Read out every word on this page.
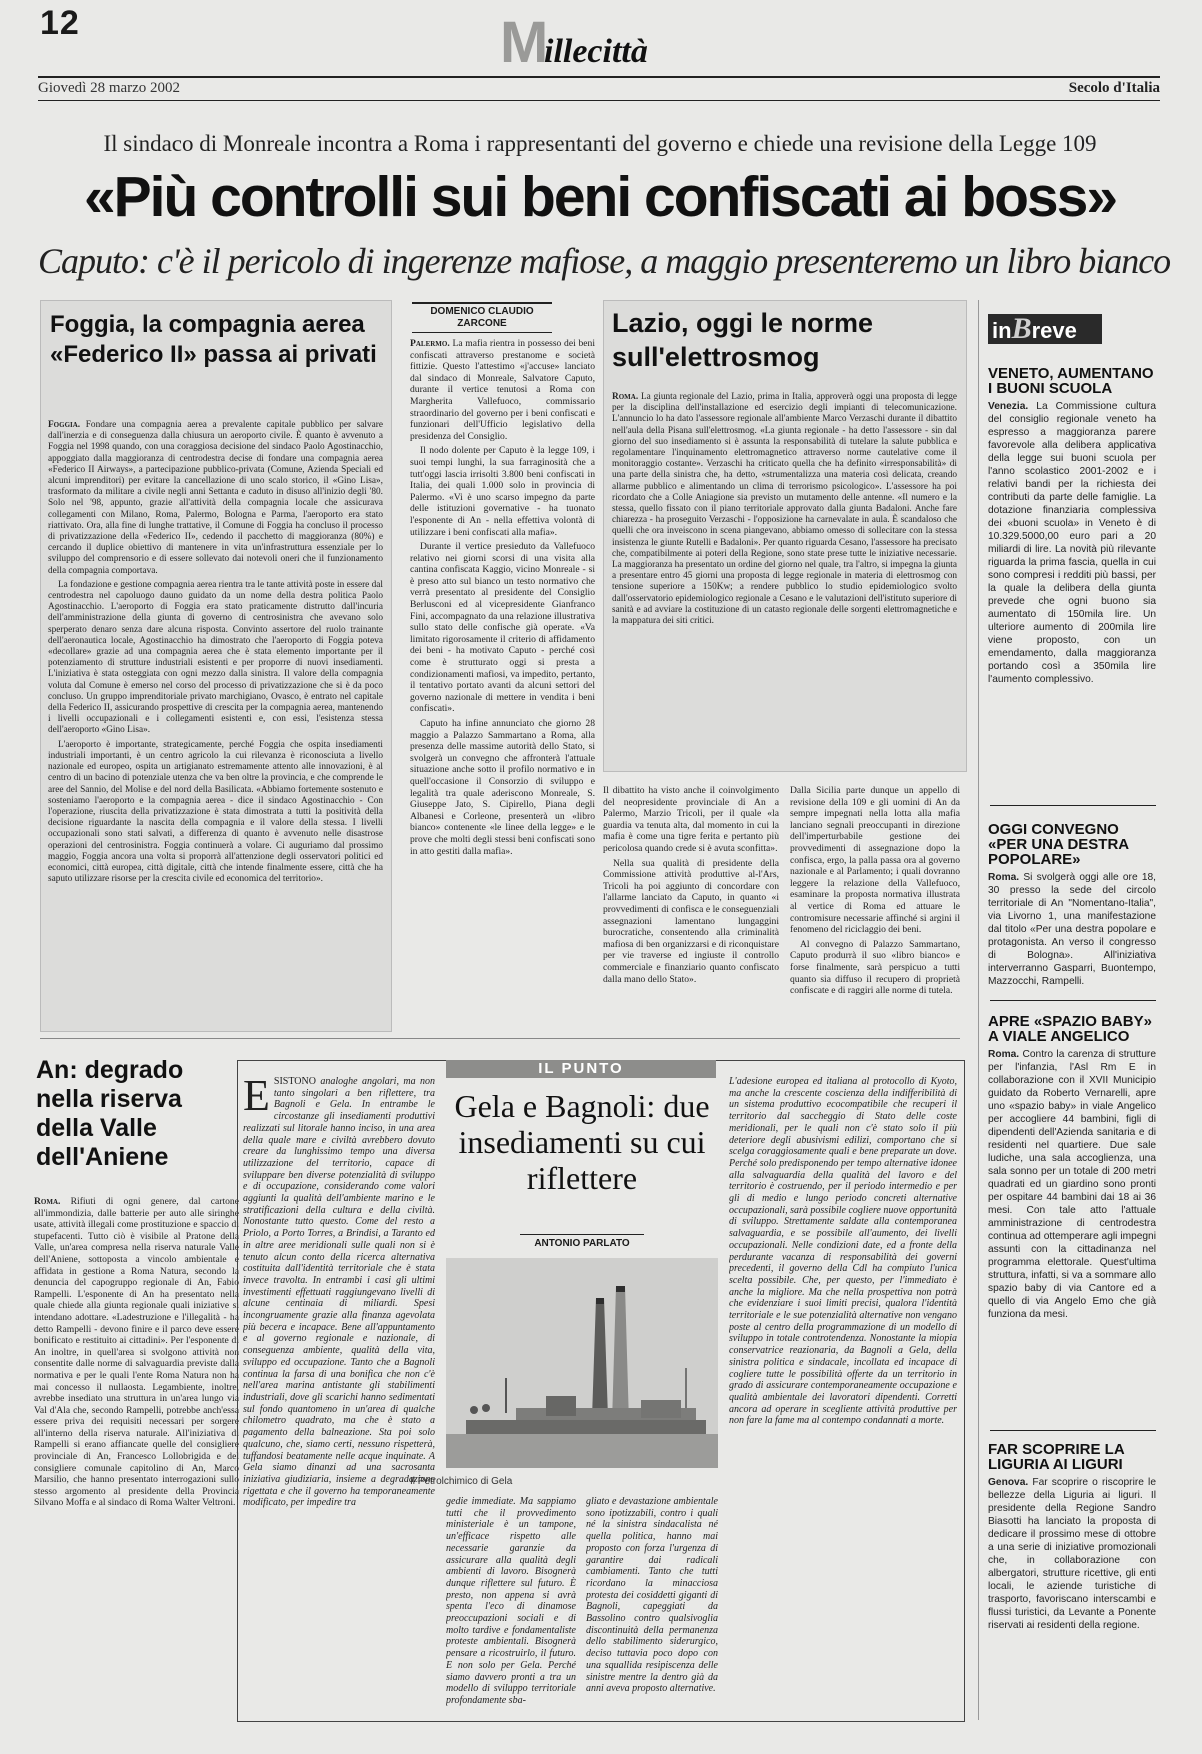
12	M
illecittà
Giovedì 28 marzo 2002	Secolo d'Italia
Il sindaco di Monreale incontra a Roma i rappresentanti del governo e chiede una revisione della Legge 109
«Più controlli sui beni confiscati ai boss»
Caputo: c'è il pericolo di ingerenze mafiose, a maggio presenteremo un libro bianco
Foggia, la compagnia aerea «Federico II» passa ai privati

Foggia. Fondare una compagnia aerea a prevalente capitale pubblico per salvare dall'inerzia e di conseguenza dalla chiusura un aeroporto civile. È quanto è avvenuto a Foggia nel 1998 quando, con una coraggiosa decisione del sindaco Paolo Agostinacchio, appoggiato dalla maggioranza di centrodestra decise di fondare una compagnia aerea «Federico II Airways», a partecipazione pubblico-privata (Comune, Azienda Speciali ed alcuni imprenditori) per evitare la cancellazione di uno scalo storico, il «Gino Lisa», trasformato da militare a civile negli anni Settanta e caduto in disuso all'inizio degli '80. Solo nel '98, appunto, grazie all'attività della compagnia locale che assicurava collegamenti con Milano, Roma, Palermo, Bologna e Parma, l'aeroporto era stato riattivato. Ora, alla fine di lunghe trattative, il Comune di Foggia ha concluso il processo di privatizzazione della «Federico II», cedendo il pacchetto di maggioranza (80%) e cercando il duplice obiettivo di mantenere in vita un'infrastruttura essenziale per lo sviluppo del comprensorio e di essere sollevato dai notevoli oneri che il funzionamento della compagnia comportava.

La fondazione e gestione compagnia aerea rientra tra le tante attività poste in essere dal centrodestra nel capoluogo dauno guidato da un nome della destra politica Paolo Agostinacchio. L'aeroporto di Foggia era stato praticamente distrutto dall'incuria dell'amministrazione della giunta di governo di centrosinistra che avevano solo sperperato denaro senza dare alcuna risposta. Convinto assertore del ruolo trainante dell'aeronautica locale, Agostinacchio ha dimostrato che l'aeroporto di Foggia poteva «decollare» grazie ad una compagnia aerea che è stata elemento importante per il potenziamento di strutture industriali esistenti e per proporre di nuovi insediamenti. L'iniziativa è stata osteggiata con ogni mezzo dalla sinistra. Il valore della compagnia voluta dal Comune è emerso nel corso del processo di privatizzazione che si è da poco concluso. Un gruppo imprenditoriale privato marchigiano, Ovasco, è entrato nel capitale della Federico II, assicurando prospettive di crescita per la compagnia aerea, mantenendo i livelli occupazionali e i collegamenti esistenti e, con essi, l'esistenza stessa dell'aeroporto «Gino Lisa».

L'aeroporto è importante, strategicamente, perché Foggia che ospita insediamenti industriali importanti, è un centro agricolo la cui rilevanza è riconosciuta a livello nazionale ed europeo, ospita un artigianato estremamente attento alle innovazioni, è al centro di un bacino di potenziale utenza che va ben oltre la provincia, e che comprende le aree del Sannio, del Molise e del nord della Basilicata. «Abbiamo fortemente sostenuto e sosteniamo l'aeroporto e la compagnia aerea - dice il sindaco Agostinacchio - Con l'operazione, riuscita della privatizzazione è stata dimostrata a tutti la positività della decisione riguardante la nascita della compagnia e il valore della stessa. I livelli occupazionali sono stati salvati, a differenza di quanto è avvenuto nelle disastrose operazioni del centrosinistra. Foggia continuerà a volare. Ci auguriamo dal prossimo maggio, Foggia ancora una volta si proporrà all'attenzione degli osservatori politici ed economici, città europea, città digitale, città che intende finalmente essere, città che ha saputo utilizzare risorse per la crescita civile ed economica del territorio».

DOMENICO CLAUDIO ZARCONE

Palermo. La mafia rientra in possesso dei beni confiscati attraverso prestanome e società fittizie. Questo l'attestimo «j'accuse» lanciato dal sindaco di Monreale, Salvatore Caputo, durante il vertice tenutosi a Roma con Margherita Vallefuoco, commissario straordinario del governo per i beni confiscati e funzionari dell'Ufficio legislativo della presidenza del Consiglio.

Il nodo dolente per Caputo è la legge 109, i suoi tempi lunghi, la sua farraginosità che a tutt'oggi lascia irrisolti 3.800 beni confiscati in Italia, dei quali 1.000 solo in provincia di Palermo. «Vi è uno scarso impegno da parte delle istituzioni governative - ha tuonato l'esponente di An - nella effettiva volontà di utilizzare i beni confiscati alla mafia».

Durante il vertice presieduto da Vallefuoco relativo nei giorni scorsi di una visita alla cantina confiscata Kaggio, vicino Monreale - si è preso atto sul bianco un testo normativo che verrà presentato al presidente del Consiglio Berlusconi ed al vicepresidente Gianfranco Fini, accompagnato da una relazione illustrativa sullo stato delle confische già operate. «Va limitato rigorosamente il criterio di affidamento dei beni - ha motivato Caputo - perché così come è strutturato oggi si presta a condizionamenti mafiosi, va impedito, pertanto, il tentativo portato avanti da alcuni settori del governo nazionale di mettere in vendita i beni confiscati».

Caputo ha infine annunciato che giorno 28 maggio a Palazzo Sammartano a Roma, alla presenza delle massime autorità dello Stato, si svolgerà un convegno che affronterà l'attuale situazione anche sotto il profilo normativo e in quell'occasione il Consorzio di sviluppo e legalità tra quale aderiscono Monreale, S. Giuseppe Jato, S. Cipirello, Piana degli Albanesi e Corleone, presenterà un «libro bianco» contenente «le linee della legge» e le prove che molti degli stessi beni confiscati sono in atto gestiti dalla mafia».

Il dibattito ha visto anche il coinvolgimento del neopresidente provinciale di An a Palermo, Marzio Tricoli, per il quale «la guardia va tenuta alta, dal momento in cui la mafia è come una tigre ferita e pertanto più pericolosa quando crede si è avuta sconfitta».

Nella sua qualità di presidente della Commissione attività produttive al-l'Ars, Tricoli ha poi aggiunto di concordare con l'allarme lanciato da Caputo, in quanto «i provvedimenti di confisca e le conseguenziali assegnazioni lamentano lungaggini burocratiche, consentendo alla criminalità mafiosa di ben organizzarsi e di riconquistare per vie traverse ed ingiuste il controllo commerciale e finanziario quanto confiscato dalla mano dello Stato».

Dalla Sicilia parte dunque un appello di revisione della 109 e gli uomini di An da sempre impegnati nella lotta alla mafia lanciano segnali preoccupanti in direzione dell'imperturbabile gestione dei provvedimenti di assegnazione dopo la confisca, ergo, la palla passa ora al governo nazionale e al Parlamento; i quali dovranno leggere la relazione della Vallefuoco, esaminare la proposta normativa illustrata al vertice di Roma ed attuare le contromisure necessarie affinché si argini il fenomeno del riciclaggio dei beni.

Al convegno di Palazzo Sammartano, Caputo produrrà il suo «libro bianco» e forse finalmente, sarà perspicuo a tutti quanto sia diffuso il recupero di proprietà confiscate e di raggiri alle norme di tutela.

Lazio, oggi le norme sull'elettrosmog

Roma. La giunta regionale del Lazio, prima in Italia, approverà oggi una proposta di legge per la disciplina dell'installazione ed esercizio degli impianti di telecomunicazione. L'annuncio lo ha dato l'assessore regionale all'ambiente Marco Verzaschi durante il dibattito nell'aula della Pisana sull'elettrosmog. «La giunta regionale - ha detto l'assessore - sin dal giorno del suo insediamento si è assunta la responsabilità di tutelare la salute pubblica e regolamentare l'inquinamento elettromagnetico attraverso norme cautelative come il monitoraggio costante». Verzaschi ha criticato quella che ha definito «irresponsabilità» di una parte della sinistra che, ha detto, «strumentalizza una materia così delicata, creando allarme pubblico e alimentando un clima di terrorismo psicologico». L'assessore ha poi ricordato che a Colle Aniagione sia previsto un mutamento delle antenne. «Il numero e la stessa, quello fissato con il piano territoriale approvato dalla giunta Badaloni. Anche fare chiarezza - ha proseguito Verzaschi - l'opposizione ha carnevalate in aula. È scandaloso che quelli che ora inveiscono in scena piangevano, abbiamo omesso di sollecitare con la stessa insistenza le giunte Rutelli e Badaloni». Per quanto riguarda Cesano, l'assessore ha precisato che, compatibilmente ai poteri della Regione, sono state prese tutte le iniziative necessarie. La maggioranza ha presentato un ordine del giorno nel quale, tra l'altro, si impegna la giunta a presentare entro 45 giorni una proposta di legge regionale in materia di elettrosmog con tensione superiore a 150Kw; a rendere pubblico lo studio epidemiologico svolto dall'osservatorio epidemiologico regionale a Cesano e le valutazioni dell'istituto superiore di sanità e ad avviare la costituzione di un catasto regionale delle sorgenti elettromagnetiche e la mappatura dei siti critici.

An: degrado nella riserva della Valle dell'Aniene

Roma. Rifiuti di ogni genere, dal cartone all'immondizia, dalle batterie per auto alle siringhe usate, attività illegali come prostituzione e spaccio di stupefacenti. Tutto ciò è visibile al Pratone della Valle, un'area compresa nella riserva naturale Valle dell'Aniene, sottoposta a vincolo ambientale e affidata in gestione a Roma Natura, secondo la denuncia del capogruppo regionale di An, Fabio Rampelli. L'esponente di An ha presentato nella quale chiede alla giunta regionale quali iniziative si intendano adottare. «Ladestruzione e l'illegalità - ha detto Rampelli - devono finire e il parco deve essere bonificato e restituito ai cittadini». Per l'esponente di An inoltre, in quell'area si svolgono attività non consentite dalle norme di salvaguardia previste dalla normativa e per le quali l'ente Roma Natura non ha mai concesso il nullaosta. Legambiente, inoltre, avrebbe insediato una struttura in un'area lungo via Val d'Ala che, secondo Rampelli, potrebbe anch'essa essere priva dei requisiti necessari per sorgere all'interno della riserva naturale. All'iniziativa di Rampelli si erano affiancate quelle del consigliere provinciale di An, Francesco Lollobrigida e del consigliere comunale capitolino di An, Marco Marsilio, che hanno presentato interrogazioni sullo stesso argomento al presidente della Provincia Silvano Moffa e al sindaco di Roma Walter Veltroni.

IL PUNTO
Gela e Bagnoli: due insediamenti su cui riflettere
ANTONIO PARLATO
Il Petrolchimico di Gela
E SISTONO analoghe angolari, ma non tanto singolari a ben riflettere, tra Bagnoli e Gela. In entrambe le circostanze gli insediamenti produttivi realizzati sul litorale hanno inciso, in una area della quale mare e civiltà avrebbero dovuto creare da lunghissimo tempo una diversa utilizzazione del territorio, capace di sviluppare ben diverse potenzialità di sviluppo e di occupazione, considerando come valori aggiunti la qualità dell'ambiente marino e le stratificazioni della cultura e della civiltà. Nonostante tutto questo. Come del resto a Priolo, a Porto Torres, a Brindisi, a Taranto ed in altre aree meridionali sulle quali non si è tenuto alcun conto della ricerca alternativa costituita dall'identità territoriale che è stata invece travolta. In entrambi i casi gli ultimi investimenti effettuati raggiungevano livelli di alcune centinaia di miliardi. Spesi incongruamente grazie alla finanza agevolata più becera e incapace. Bene all'appuntamento e al governo regionale e nazionale, di conseguenza ambiente, qualità della vita, sviluppo ed occupazione. Tanto che a Bagnoli continua la farsa di una bonifica che non c'è nell'area marina antistante gli stabilimenti industriali, dove gli scarichi hanno sedimentati sul fondo quantomeno in un'area di qualche chilometro quadrato, ma che è stato a pagamento della balneazione. Sta poi solo qualcuno, che, siamo certi, nessuno rispetterà, tuffandosi beatamente nelle acque inquinate. A Gela siamo dinanzi ad una sacrosanta iniziativa giudiziaria, insieme a degradazione rigettata e che il governo ha temporaneamente modificato, per impedire tra	gedie immediate. Ma sappiamo tutti che il provvedimento ministeriale è un tampone, un'efficace rispetto alle necessarie garanzie da assicurare alla qualità degli ambienti di lavoro. Bisognerà dunque riflettere sul futuro. È presto, non appena si avrà spenta l'eco di dinamose preoccupazioni sociali e di molto tardive e fondamentaliste proteste ambientali. Bisognerà pensare a ricostruirlo, il futuro. E non solo per Gela. Perché siamo davvero pronti a tra un modello di sviluppo territoriale profondamente sba-
gliato e devastazione ambientale sono ipotizzabili, contro i quali né la sinistra sindacalista né quella politica, hanno mai proposto con forza l'urgenza di garantire dai radicali cambiamenti. Tanto che tutti ricordano la minacciosa protesta dei cosiddetti giganti di Bagnoli, capeggiati da Bassolino contro qualsivoglia discontinuità della permanenza dello stabilimento siderurgico, deciso tuttavia poco dopo con una squallida resipiscenza delle sinistre mentre la dentro già da anni aveva proposto alternative.
L'adesione europea ed italiana al protocollo di Kyoto, ma anche la crescente coscienza della indifferibilità di un sistema produttivo ecocompatibile che recuperi il territorio dal saccheggio di Stato delle coste meridionali, per le quali non c'è stato solo il più deteriore degli abusivismi edilizi, comportano che si scelga coraggiosamente quali e bene preparate un dove. Perché solo predisponendo per tempo alternative idonee alla salvaguardia della qualità del lavoro e del territorio è costruendo, per il periodo intermedio e per gli di medio e lungo periodo concreti alternative occupazionali, sarà possibile cogliere nuove opportunità di sviluppo. Strettamente saldate alla contemporanea salvaguardia, e se possibile all'aumento, dei livelli occupazionali. Nelle condizioni date, ed a fronte della perdurante vacanza di responsabilità dei governi precedenti, il governo della Cdl ha compiuto l'unica scelta possibile. Che, per questo, per l'immediato è anche la migliore. Ma che nella prospettiva non potrà che evidenziare i suoi limiti precisi, qualora l'identità territoriale e le sue potenzialità alternative non vengano poste al centro della programmazione di un modello di sviluppo in totale controtendenza. Nonostante la miopia conservatrice reazionaria, da Bagnoli a Gela, della sinistra politica e sindacale, incollata ed incapace di cogliere tutte le possibilità offerte da un territorio in grado di assicurare contemporaneamente occupazione e qualità ambientale dei lavoratori dipendenti. Corretti ancora ad operare in scegliente attività produttive per non fare la fame ma al contempo condannati a morte.
inBreve
VENETO, AUMENTANO I BUONI SCUOLA
Venezia. La Commissione cultura del consiglio regionale veneto ha espresso a maggioranza parere favorevole alla delibera applicativa della legge sui buoni scuola per l'anno scolastico 2001-2002 e i relativi bandi per la richiesta dei contributi da parte delle famiglie. La dotazione finanziaria complessiva dei «buoni scuola» in Veneto è di 10.329.5000,00 euro pari a 20 miliardi di lire. La novità più rilevante riguarda la prima fascia, quella in cui sono compresi i redditi più bassi, per la quale la delibera della giunta prevede che ogni buono sia aumentato di 150mila lire. Un ulteriore aumento di 200mila lire viene proposto, con un emendamento, dalla maggioranza portando così a 350mila lire l'aumento complessivo.
OGGI CONVEGNO «PER UNA DESTRA POPOLARE»
Roma. Si svolgerà oggi alle ore 18, 30 presso la sede del circolo territoriale di An "Nomentano-Italia", via Livorno 1, una manifestazione dal titolo «Per una destra popolare e protagonista. An verso il congresso di Bologna». All'iniziativa interverranno Gasparri, Buontempo, Mazzocchi, Rampelli.
APRE «SPAZIO BABY» A VIALE ANGELICO
Roma. Contro la carenza di strutture per l'infanzia, l'Asl Rm E in collaborazione con il XVII Municipio guidato da Roberto Vernarelli, apre uno «spazio baby» in viale Angelico per accogliere 44 bambini, figli di dipendenti dell'Azienda sanitaria e di residenti nel quartiere. Due sale ludiche, una sala accoglienza, una sala sonno per un totale di 200 metri quadrati ed un giardino sono pronti per ospitare 44 bambini dai 18 ai 36 mesi. Con tale atto l'attuale amministrazione di centrodestra continua ad ottemperare agli impegni assunti con la cittadinanza nel programma elettorale. Quest'ultima struttura, infatti, si va a sommare allo spazio baby di via Cantore ed a quello di via Angelo Emo che già funziona da mesi.
FAR SCOPRIRE LA LIGURIA AI LIGURI
Genova. Far scoprire o riscoprire le bellezze della Liguria ai liguri. Il presidente della Regione Sandro Biasotti ha lanciato la proposta di dedicare il prossimo mese di ottobre a una serie di iniziative promozionali che, in collaborazione con albergatori, strutture ricettive, gli enti locali, le aziende turistiche di trasporto, favoriscano interscambi e flussi turistici, da Levante a Ponente riservati ai residenti della regione.
